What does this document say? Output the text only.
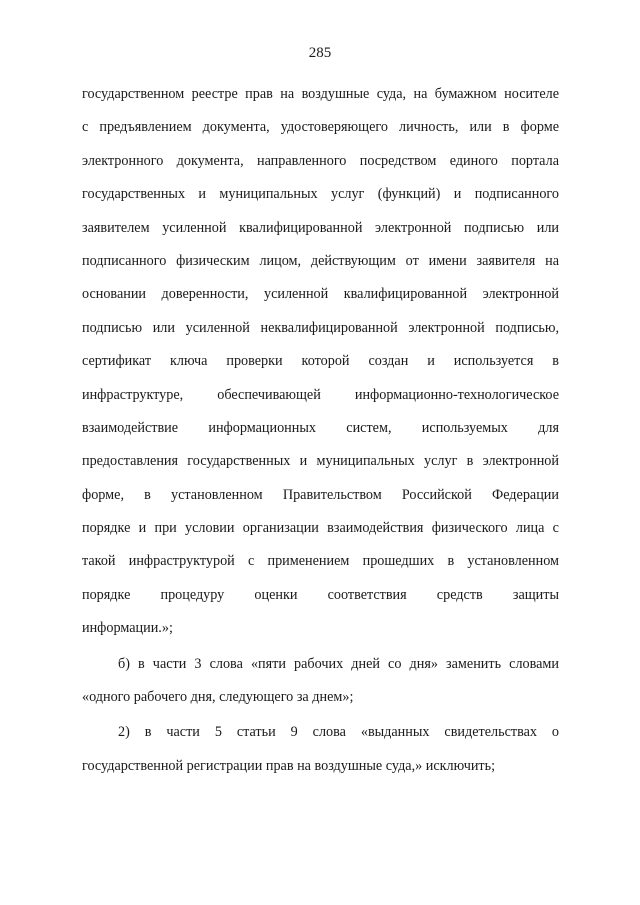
285
государственном реестре прав на воздушные суда, на бумажном носителе
с предъявлением документа, удостоверяющего личность, или в форме
электронного документа, направленного посредством единого портала
государственных и муниципальных услуг (функций) и подписанного
заявителем усиленной квалифицированной электронной подписью или
подписанного физическим лицом, действующим от имени заявителя на
основании доверенности, усиленной квалифицированной электронной
подписью или усиленной неквалифицированной электронной подписью,
сертификат ключа проверки которой создан и используется в
инфраструктуре, обеспечивающей информационно-технологическое
взаимодействие информационных систем, используемых для
предоставления государственных и муниципальных услуг в электронной
форме, в установленном Правительством Российской Федерации
порядке и при условии организации взаимодействия физического лица с
такой инфраструктурой с применением прошедших в установленном
порядке процедуру оценки соответствия средств защиты
информации.»;
б) в части 3 слова «пяти рабочих дней со дня» заменить словами
«одного рабочего дня, следующего за днем»;
2) в части 5 статьи 9 слова «выданных свидетельствах о
государственной регистрации прав на воздушные суда,» исключить;
